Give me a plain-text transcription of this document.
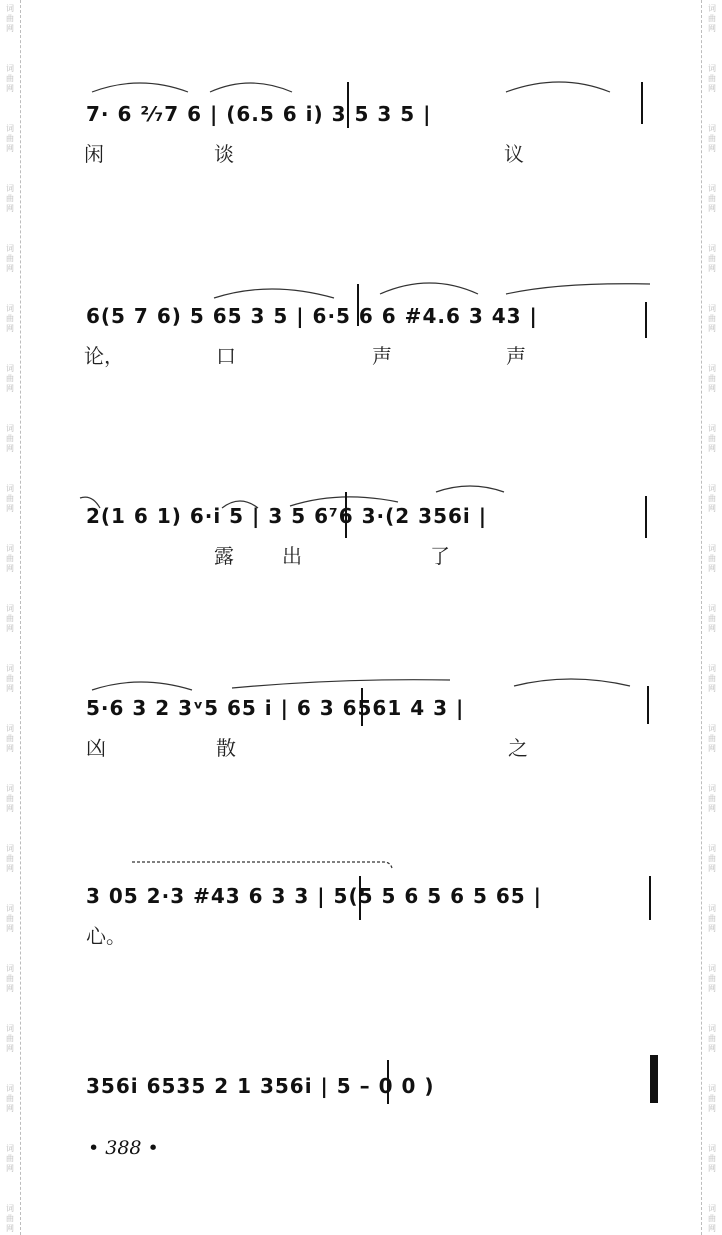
词
曲
网
词
曲
网
词
曲
网
词
曲
网
词
曲
网
词
曲
网
词
曲
网
词
曲
网
词
曲
网
词
曲
网
词
曲
网
词
曲
网
词
曲
网
词
曲
网
词
曲
网
词
曲
网
词
曲
网
词
曲
网
词
曲
网
词
曲
网
词
曲
网
词
曲
网
词
曲
网
词
曲
网
词
曲
网
词
曲
网
词
曲
网
词
曲
网
词
曲
网
词
曲
网
词
曲
网
词
曲
网
词
曲
网
词
曲
网
词
曲
网
词
曲
网
词
曲
网
词
曲
网
词
曲
网
词
曲
网
词
曲
网
词
曲
网
7· 6 ²⁄₇7 6 | (6.5 6 i) 3 5 3 5 |
闲	谈	议
6(5 7 6) 5 65 3 5 | 6·5 6 6 #4.6 3 43 |
论，	口	声	声
2(1 6 1) 6·i 5 | 3 5 6⁷6 3·(2 356i |
露 出	了
5·6 3 2 3ᵛ5 65 i | 6 3 6561 4 3 |
凶	散	之
3 05 2·3 #43 6 3 3 | 5(5 5 6 5 6 5 65 |
心。
356i 6535 2 1 356i | 5 – 0 0 )
• 388 •
